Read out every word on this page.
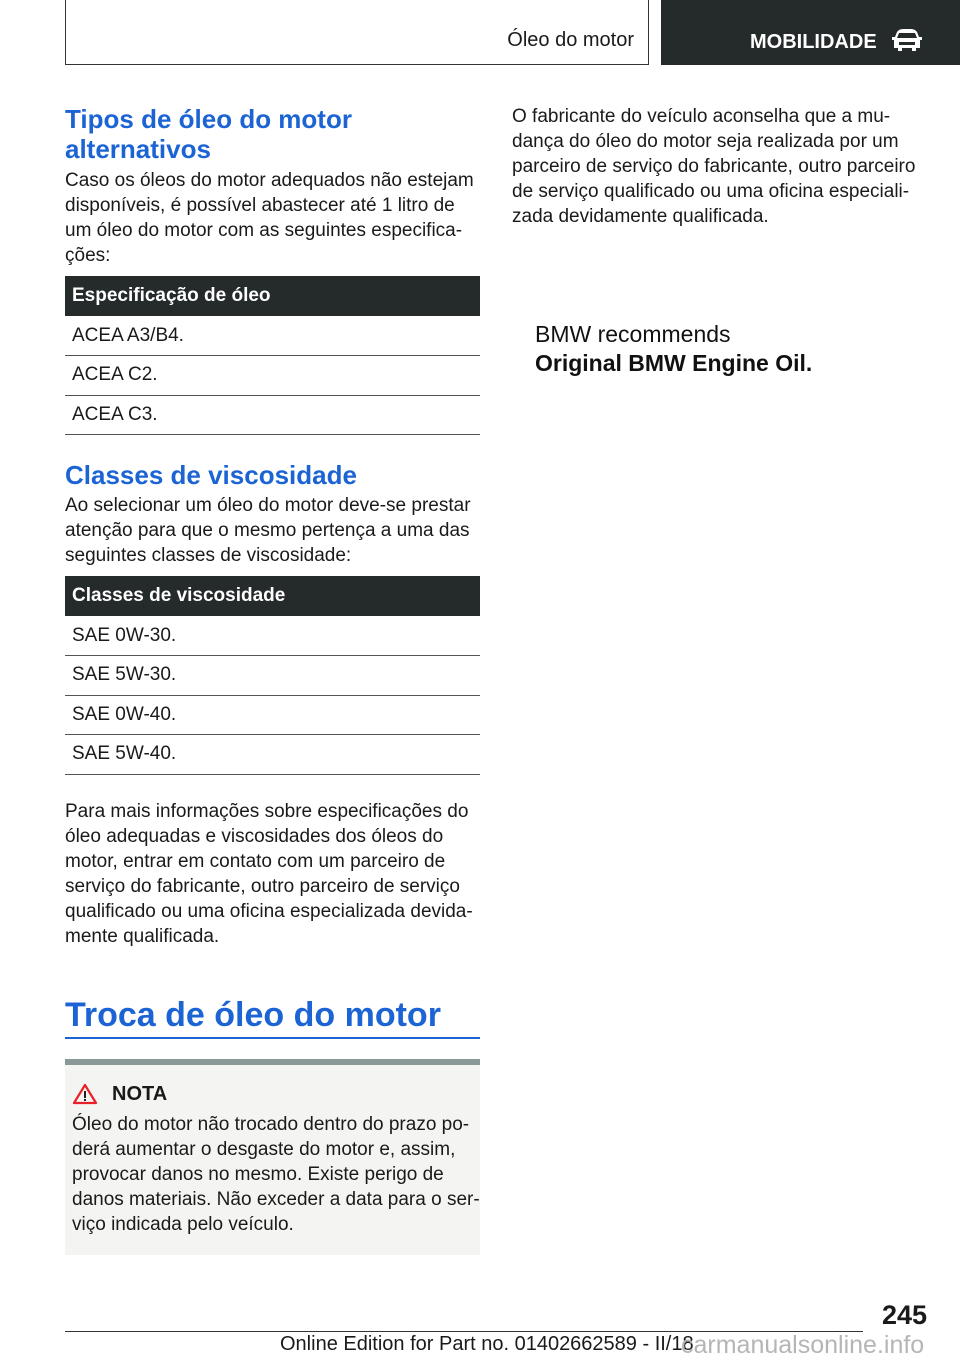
Óleo do motor	MOBILIDADE
Tipos de óleo do motor
alternativos
Caso os óleos do motor adequados não estejam
disponíveis, é possível abastecer até 1 litro de
um óleo do motor com as seguintes especifica-
ções:
Especificação de óleo
ACEA A3/B4.
ACEA C2.
ACEA C3.
Classes de viscosidade
Ao selecionar um óleo do motor deve-se prestar
atenção para que o mesmo pertença a uma das
seguintes classes de viscosidade:
Classes de viscosidade
SAE 0W-30.
SAE 5W-30.
SAE 0W-40.
SAE 5W-40.
Para mais informações sobre especificações do
óleo adequadas e viscosidades dos óleos do
motor, entrar em contato com um parceiro de
serviço do fabricante, outro parceiro de serviço
qualificado ou uma oficina especializada devida-
mente qualificada.
Troca de óleo do motor
NOTA
Óleo do motor não trocado dentro do prazo po-
derá aumentar o desgaste do motor e, assim,
provocar danos no mesmo. Existe perigo de
danos materiais. Não exceder a data para o ser-
viço indicada pelo veículo.
O fabricante do veículo aconselha que a mu-
dança do óleo do motor seja realizada por um
parceiro de serviço do fabricante, outro parceiro
de serviço qualificado ou uma oficina especiali-
zada devidamente qualificada.
BMW recommends
Original BMW Engine Oil.
245
Online Edition for Part no. 01402662589 - II/18
carmanualsonline.info
